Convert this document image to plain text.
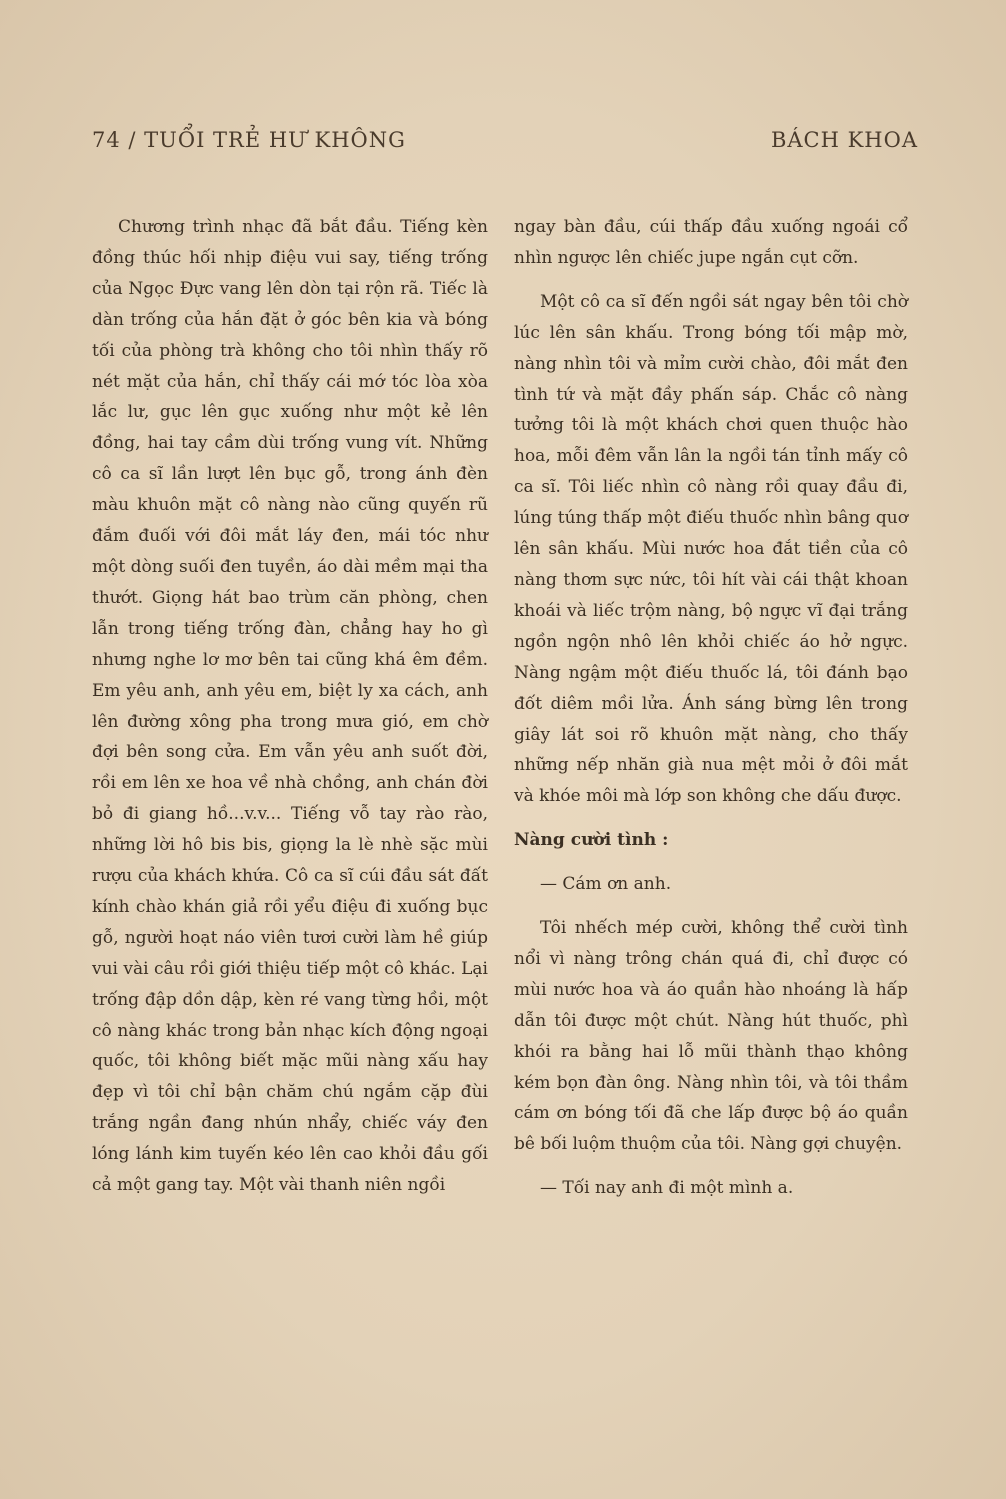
74 / TUỔI TRẺ HƯ KHÔNG	BÁCH KHOA

Chương trình nhạc đã bắt đầu. Tiếng kèn đồng thúc hối nhịp điệu vui say, tiếng trống của Ngọc Đực vang lên dòn tại rộn rã. Tiếc là dàn trống của hắn đặt ở góc bên kia và bóng tối của phòng trà không cho tôi nhìn thấy rõ nét mặt của hắn, chỉ thấy cái mớ tóc lòa xòa lắc lư, gục lên gục xuống như một kẻ lên đồng, hai tay cầm dùi trống vung vít. Những cô ca sĩ lần lượt lên bục gỗ, trong ánh đèn màu khuôn mặt cô nàng nào cũng quyến rũ đắm đuối với đôi mắt láy đen, mái tóc như một dòng suối đen tuyền, áo dài mềm mại tha thướt. Giọng hát bao trùm căn phòng, chen lẫn trong tiếng trống đàn, chẳng hay ho gì nhưng nghe lơ mơ bên tai cũng khá êm đềm. Em yêu anh, anh yêu em, biệt ly xa cách, anh lên đường xông pha trong mưa gió, em chờ đợi bên song cửa. Em vẫn yêu anh suốt đời, rồi em lên xe hoa về nhà chồng, anh chán đời bỏ đi giang hồ...v.v... Tiếng vỗ tay rào rào, những lời hô bis bis, giọng la lè nhè sặc mùi rượu của khách khứa. Cô ca sĩ cúi đầu sát đất kính chào khán giả rồi yểu điệu đi xuống bục gỗ, người hoạt náo viên tươi cười làm hề giúp vui vài câu rồi giới thiệu tiếp một cô khác. Lại trống đập dồn dập, kèn ré vang từng hồi, một cô nàng khác trong bản nhạc kích động ngoại quốc, tôi không biết mặc mũi nàng xấu hay đẹp vì tôi chỉ bận chăm chú ngắm cặp đùi trắng ngần đang nhún nhẩy, chiếc váy đen lóng lánh kim tuyến kéo lên cao khỏi đầu gối cả một gang tay. Một vài thanh niên ngồi

ngay bàn đầu, cúi thấp đầu xuống ngoái cổ nhìn ngược lên chiếc jupe ngắn cụt cỡn.

Một cô ca sĩ đến ngồi sát ngay bên tôi chờ lúc lên sân khấu. Trong bóng tối mập mờ, nàng nhìn tôi và mỉm cười chào, đôi mắt đen tình tứ và mặt đầy phấn sáp. Chắc cô nàng tưởng tôi là một khách chơi quen thuộc hào hoa, mỗi đêm vẫn lân la ngồi tán tỉnh mấy cô ca sĩ. Tôi liếc nhìn cô nàng rồi quay đầu đi, lúng túng thấp một điếu thuốc nhìn bâng quơ lên sân khấu. Mùi nước hoa đắt tiền của cô nàng thơm sực nức, tôi hít vài cái thật khoan khoái và liếc trộm nàng, bộ ngực vĩ đại trắng ngồn ngộn nhô lên khỏi chiếc áo hở ngực. Nàng ngậm một điếu thuốc lá, tôi đánh bạo đốt diêm mồi lửa. Ánh sáng bừng lên trong giây lát soi rõ khuôn mặt nàng, cho thấy những nếp nhăn già nua mệt mỏi ở đôi mắt và khóe môi mà lớp son không che dấu được.

Nàng cười tình :

— Cám ơn anh.

Tôi nhếch mép cười, không thể cười tình nổi vì nàng trông chán quá đi, chỉ được có mùi nước hoa và áo quần hào nhoáng là hấp dẫn tôi được một chút. Nàng hút thuốc, phì khói ra bằng hai lỗ mũi thành thạo không kém bọn đàn ông. Nàng nhìn tôi, và tôi thầm cám ơn bóng tối đã che lấp được bộ áo quần bê bối luộm thuộm của tôi. Nàng gợi chuyện.

— Tối nay anh đi một mình a.
